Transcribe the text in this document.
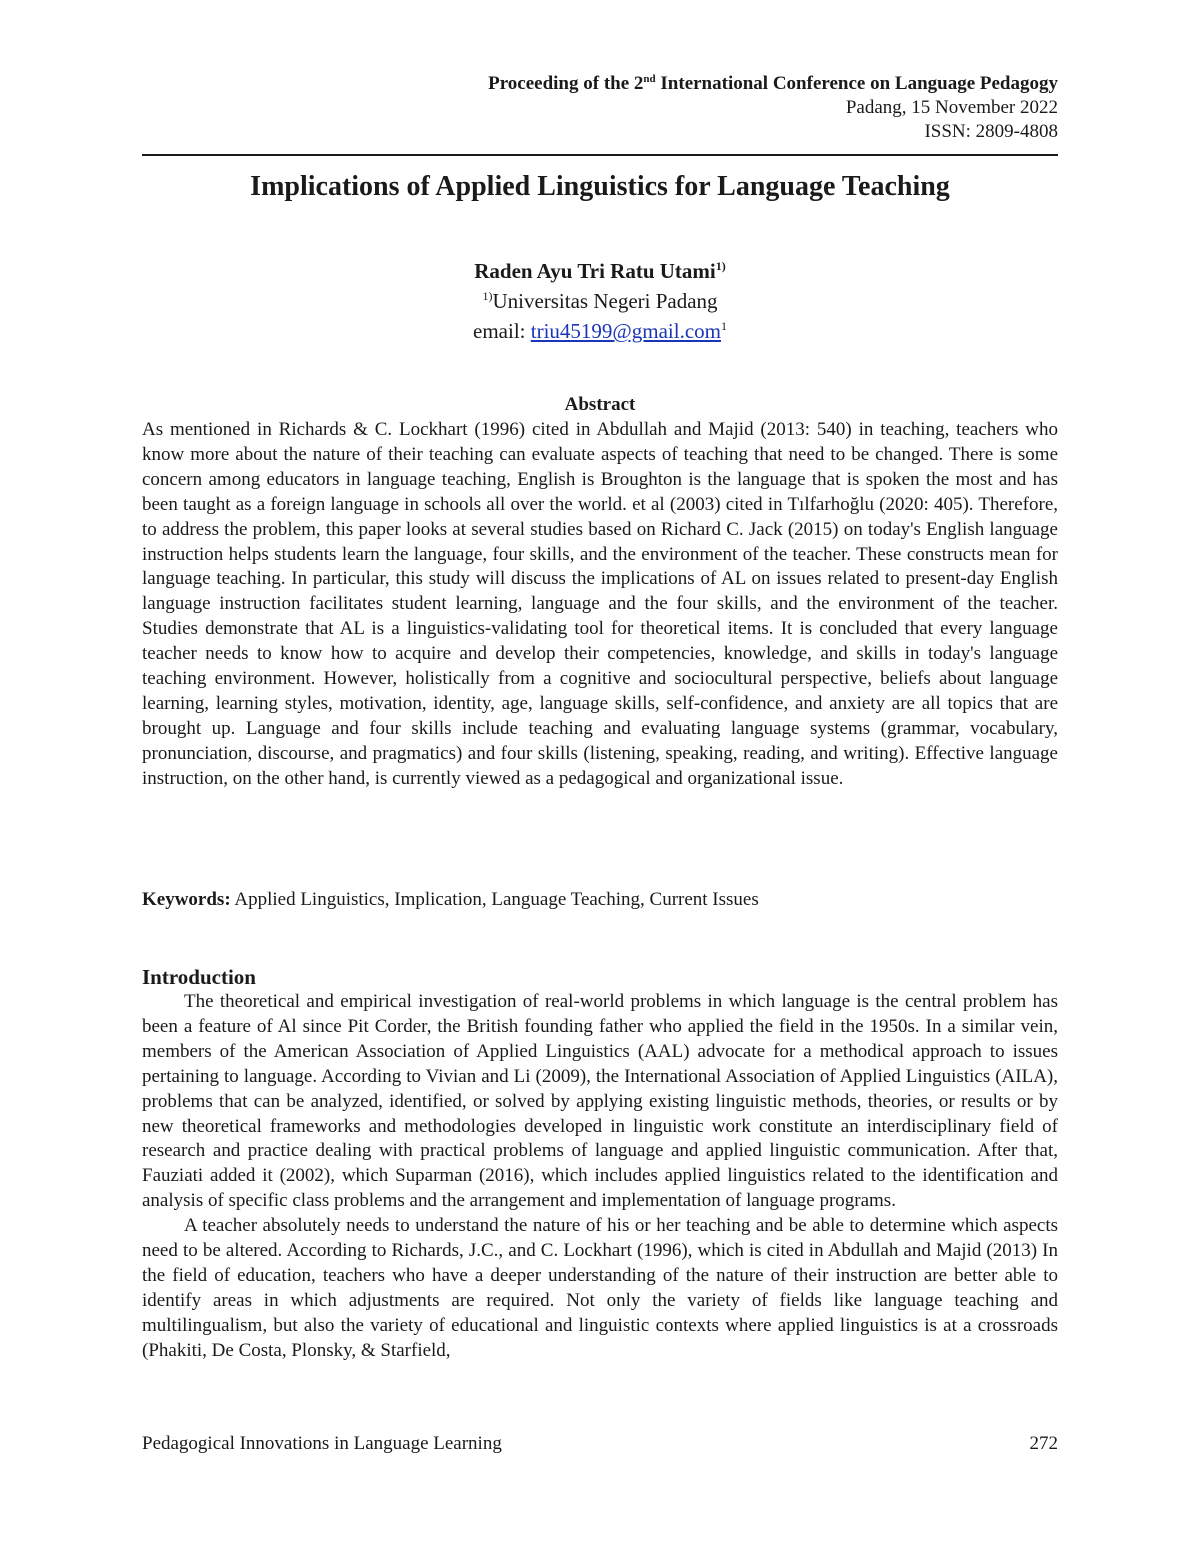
Proceeding of the 2nd International Conference on Language Pedagogy
Padang, 15 November 2022
ISSN: 2809-4808
Implications of Applied Linguistics for Language Teaching
Raden Ayu Tri Ratu Utami$^{1)}$
$^{1)}$Universitas Negeri Padang
email: triu45199@gmail.com$^1$
Abstract

As mentioned in Richards & C. Lockhart (1996) cited in Abdullah and Majid (2013: 540) in teaching, teachers who know more about the nature of their teaching can evaluate aspects of teaching that need to be changed. There is some concern among educators in language teaching, English is Broughton is the language that is spoken the most and has been taught as a foreign language in schools all over the world. et al (2003) cited in Tılfarhoğlu (2020: 405). Therefore, to address the problem, this paper looks at several studies based on Richard C. Jack (2015) on today's English language instruction helps students learn the language, four skills, and the environment of the teacher. These constructs mean for language teaching. In particular, this study will discuss the implications of AL on issues related to present-day English language instruction facilitates student learning, language and the four skills, and the environment of the teacher. Studies demonstrate that AL is a linguistics-validating tool for theoretical items. It is concluded that every language teacher needs to know how to acquire and develop their competencies, knowledge, and skills in today's language teaching environment. However, holistically from a cognitive and sociocultural perspective, beliefs about language learning, learning styles, motivation, identity, age, language skills, self-confidence, and anxiety are all topics that are brought up. Language and four skills include teaching and evaluating language systems (grammar, vocabulary, pronunciation, discourse, and pragmatics) and four skills (listening, speaking, reading, and writing). Effective language instruction, on the other hand, is currently viewed as a pedagogical and organizational issue.

Keywords: Applied Linguistics, Implication, Language Teaching, Current Issues

Introduction

The theoretical and empirical investigation of real-world problems in which language is the central problem has been a feature of Al since Pit Corder, the British founding father who applied the field in the 1950s. In a similar vein, members of the American Association of Applied Linguistics (AAL) advocate for a methodical approach to issues pertaining to language. According to Vivian and Li (2009), the International Association of Applied Linguistics (AILA), problems that can be analyzed, identified, or solved by applying existing linguistic methods, theories, or results or by new theoretical frameworks and methodologies developed in linguistic work constitute an interdisciplinary field of research and practice dealing with practical problems of language and applied linguistic communication. After that, Fauziati added it (2002), which Suparman (2016), which includes applied linguistics related to the identification and analysis of specific class problems and the arrangement and implementation of language programs.

A teacher absolutely needs to understand the nature of his or her teaching and be able to determine which aspects need to be altered. According to Richards, J.C., and C. Lockhart (1996), which is cited in Abdullah and Majid (2013) In the field of education, teachers who have a deeper understanding of the nature of their instruction are better able to identify areas in which adjustments are required. Not only the variety of fields like language teaching and multilingualism, but also the variety of educational and linguistic contexts where applied linguistics is at a crossroads (Phakiti, De Costa, Plonsky, & Starfield,

Pedagogical Innovations in Language Learning	272
